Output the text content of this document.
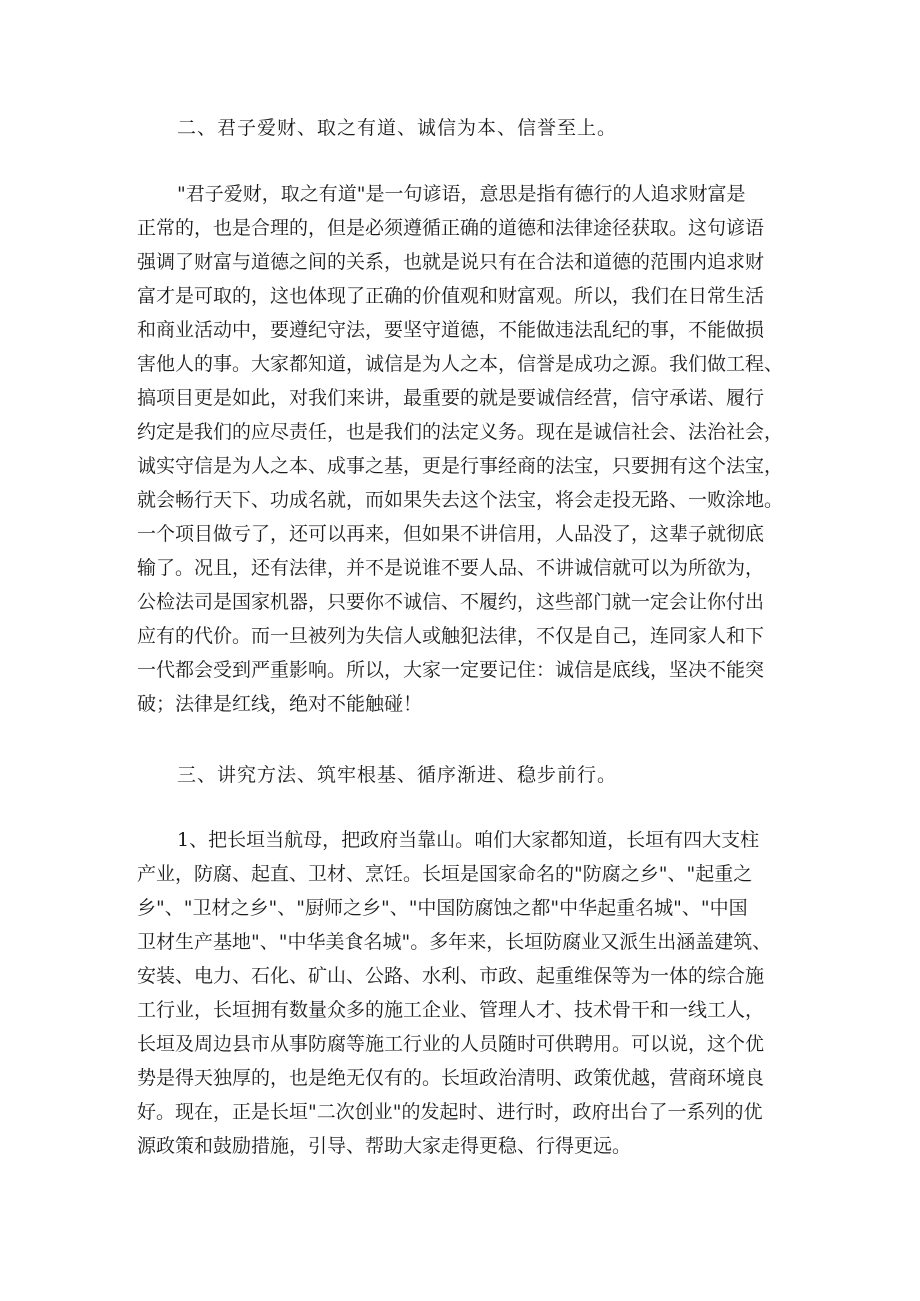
二、君子爱财、取之有道、诚信为本、信誉至上。
"君子爱财，取之有道"是一句谚语，意思是指有德行的人追求财富是
正常的，也是合理的，但是必须遵循正确的道德和法律途径获取。这句谚语
强调了财富与道德之间的关系，也就是说只有在合法和道德的范围内追求财
富才是可取的，这也体现了正确的价值观和财富观。所以，我们在日常生活
和商业活动中，要遵纪守法，要坚守道德，不能做违法乱纪的事，不能做损
害他人的事。大家都知道，诚信是为人之本，信誉是成功之源。我们做工程、
搞项目更是如此，对我们来讲，最重要的就是要诚信经营，信守承诺、履行
约定是我们的应尽责任，也是我们的法定义务。现在是诚信社会、法治社会，
诚实守信是为人之本、成事之基，更是行事经商的法宝，只要拥有这个法宝，
就会畅行天下、功成名就，而如果失去这个法宝，将会走投无路、一败涂地。
一个项目做亏了，还可以再来，但如果不讲信用，人品没了，这辈子就彻底
输了。况且，还有法律，并不是说谁不要人品、不讲诚信就可以为所欲为，
公检法司是国家机器，只要你不诚信、不履约，这些部门就一定会让你付出
应有的代价。而一旦被列为失信人或触犯法律，不仅是自己，连同家人和下
一代都会受到严重影响。所以，大家一定要记住：诚信是底线，坚决不能突
破；法律是红线，绝对不能触碰！
三、讲究方法、筑牢根基、循序渐进、稳步前行。
1、把长垣当航母，把政府当靠山。咱们大家都知道，长垣有四大支柱
产业，防腐、起直、卫材、烹饪。长垣是国家命名的"防腐之乡"、"起重之
乡"、"卫材之乡"、"厨师之乡"、"中国防腐蚀之都"中华起重名城"、"中国
卫材生产基地"、"中华美食名城"。多年来，长垣防腐业又派生出涵盖建筑、
安装、电力、石化、矿山、公路、水利、市政、起重维保等为一体的综合施
工行业，长垣拥有数量众多的施工企业、管理人才、技术骨干和一线工人，
长垣及周边县市从事防腐等施工行业的人员随时可供聘用。可以说，这个优
势是得天独厚的，也是绝无仅有的。长垣政治清明、政策优越，营商环境良
好。现在，正是长垣"二次创业"的发起时、进行时，政府出台了一系列的优
源政策和鼓励措施，引导、帮助大家走得更稳、行得更远。
